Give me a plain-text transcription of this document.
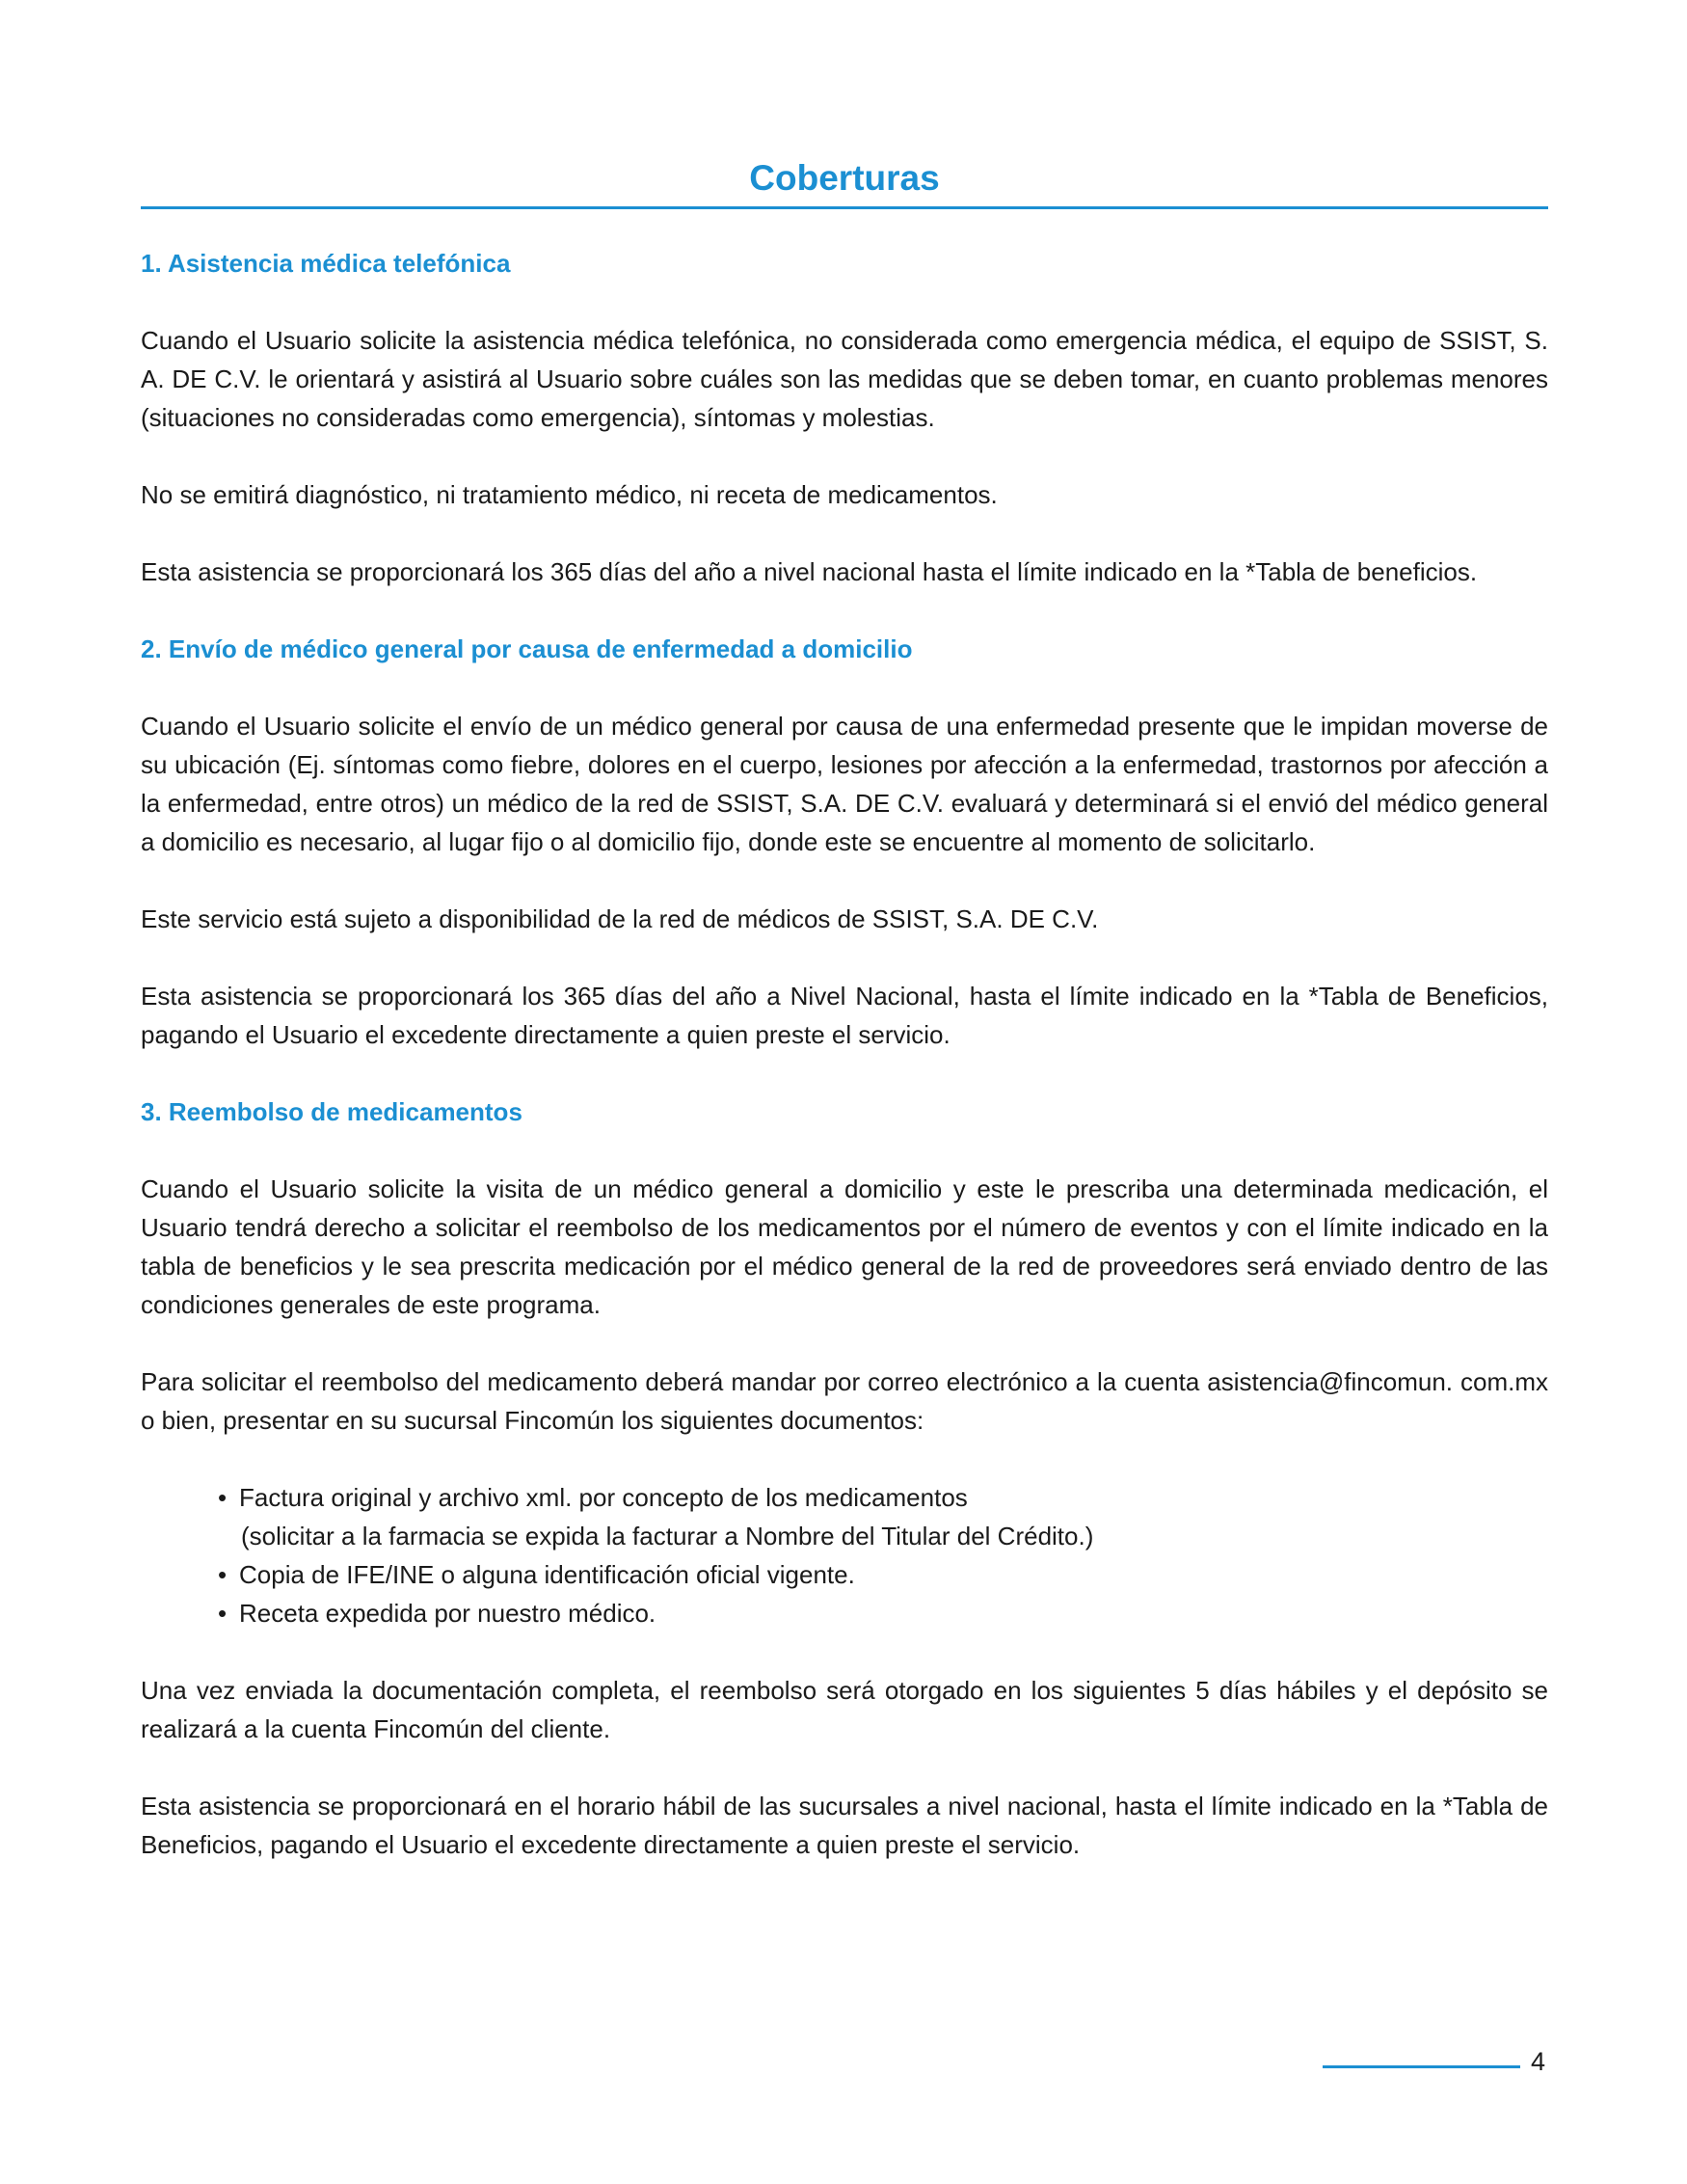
Coberturas
1. Asistencia médica telefónica

Cuando el Usuario solicite la asistencia médica telefónica, no considerada como emergencia médica, el equipo de SSIST, S. A. DE C.V. le orientará y asistirá al Usuario sobre cuáles son las medidas que se deben tomar, en cuanto problemas menores (situaciones no consideradas como emergencia), síntomas y molestias.

No se emitirá diagnóstico, ni tratamiento médico, ni receta de medicamentos.

Esta asistencia se proporcionará los 365 días del año a nivel nacional hasta el límite indicado en la *Tabla de beneficios.

2. Envío de médico general por causa de enfermedad a domicilio

Cuando el Usuario solicite el envío de un médico general por causa de una enfermedad presente que le impidan moverse de su ubicación (Ej. síntomas como fiebre, dolores en el cuerpo, lesiones por afección a la enfermedad, trastornos por afección a la enfermedad, entre otros) un médico de la red de SSIST, S.A. DE C.V. evaluará y determinará si el envió del médico general a domicilio es necesario, al lugar fijo o al domicilio fijo, donde este se encuentre al momento de solicitarlo.

Este servicio está sujeto a disponibilidad de la red de médicos de SSIST, S.A. DE C.V.

Esta asistencia se proporcionará los 365 días del año a Nivel Nacional, hasta el límite indicado en la *Tabla de Beneficios, pagando el Usuario el excedente directamente a quien preste el servicio.

3. Reembolso de medicamentos

Cuando el Usuario solicite la visita de un médico general a domicilio y este le prescriba una determinada medicación, el Usuario tendrá derecho a solicitar el reembolso de los medicamentos por el número de eventos y con el límite indicado en la tabla de beneficios y le sea prescrita medicación por el médico general de la red de proveedores será enviado dentro de las condiciones generales de este programa.

Para solicitar el reembolso del medicamento deberá mandar por correo electrónico a la cuenta asistencia@fincomun. com.mx o bien, presentar en su sucursal Fincomún los siguientes documentos:

• Factura original y archivo xml. por concepto de los medicamentos
(solicitar a la farmacia se expida la facturar a Nombre del Titular del Crédito.)
• Copia de IFE/INE o alguna identificación oficial vigente.
• Receta expedida por nuestro médico.

Una vez enviada la documentación completa, el reembolso será otorgado en los siguientes 5 días hábiles y el depósito se realizará a la cuenta Fincomún del cliente.

Esta asistencia se proporcionará en el horario hábil de las sucursales a nivel nacional, hasta el límite indicado en la *Tabla de Beneficios, pagando el Usuario el excedente directamente a quien preste el servicio.

4
